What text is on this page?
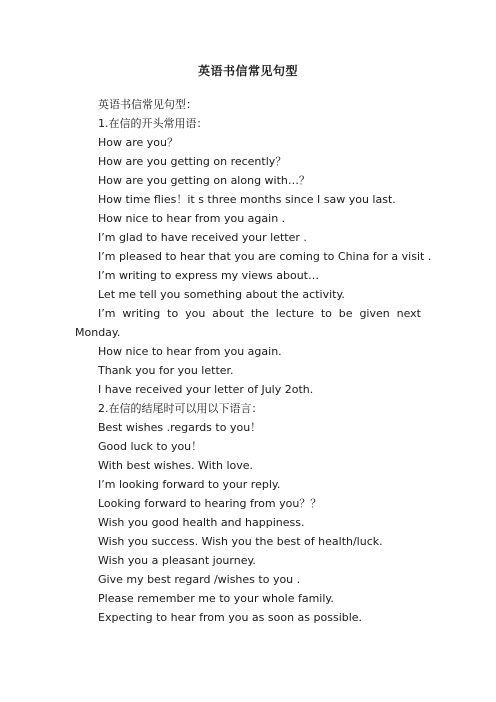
英语书信常见句型

英语书信常见句型：

1.在信的开头常用语：

How are you？

How are you getting on recently？

How are you getting on along with…？

How time flies！it s three months since I saw you last.

How nice to hear from you again .

I’m glad to have received your letter .

I’m pleased to hear that you are coming to China for a visit .

I’m writing to express my views about…

Let me tell you something about the activity.

I’m writing to you about the lecture to be given next Monday.

How nice to hear from you again.

Thank you for you letter.

I have received your letter of July 2oth.

2.在信的结尾时可以用以下语言：

Best wishes .regards to you！

Good luck to you！

With best wishes. With love.

I’m looking forward to your reply.

Looking forward to hearing from you？？

Wish you good health and happiness.

Wish you success. Wish you the best of health/luck.

Wish you a pleasant journey.

Give my best regard /wishes to you .

Please remember me to your whole family.

Expecting to hear from you as soon as possible.
